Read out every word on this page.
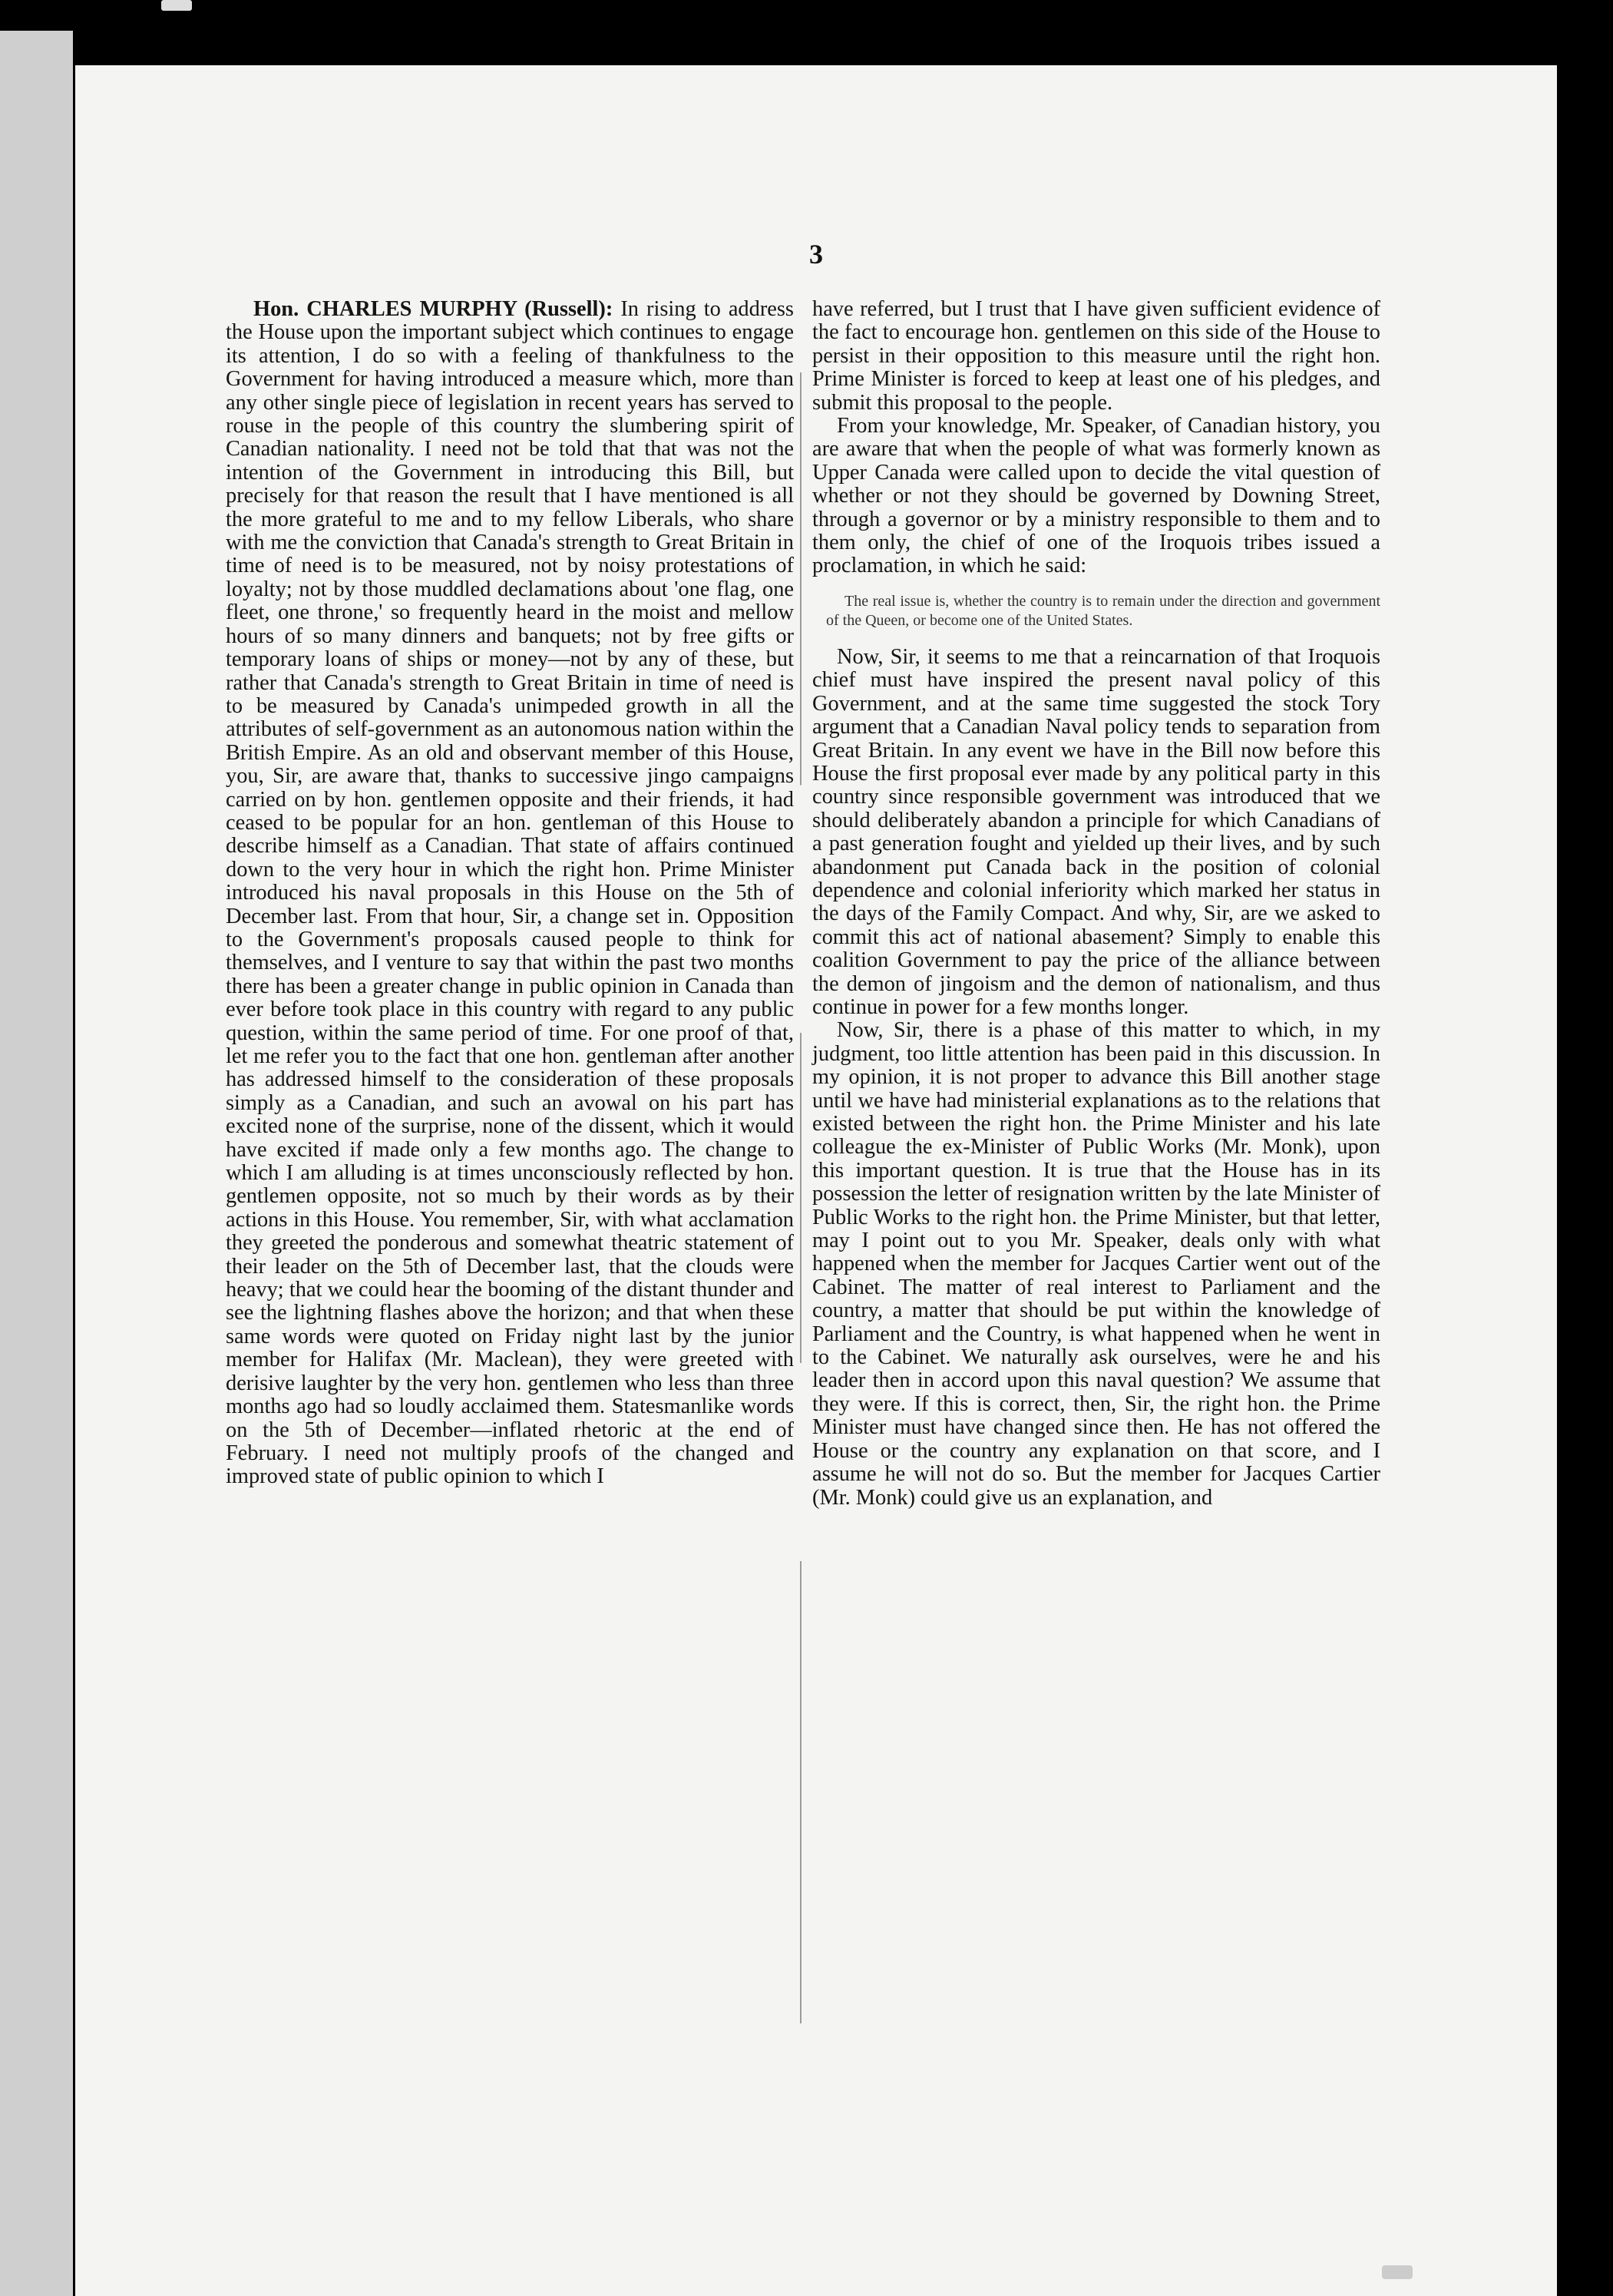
3

Hon. CHARLES MURPHY (Russell): In rising to address the House upon the important subject which continues to engage its attention, I do so with a feeling of thankfulness to the Government for having introduced a measure which, more than any other single piece of legislation in recent years has served to rouse in the people of this country the slumbering spirit of Canadian nationality. I need not be told that that was not the intention of the Government in introducing this Bill, but precisely for that reason the result that I have mentioned is all the more grateful to me and to my fellow Liberals, who share with me the conviction that Canada's strength to Great Britain in time of need is to be measured, not by noisy protestations of loyalty; not by those muddled declamations about 'one flag, one fleet, one throne,' so frequently heard in the moist and mellow hours of so many dinners and banquets; not by free gifts or temporary loans of ships or money—not by any of these, but rather that Canada's strength to Great Britain in time of need is to be measured by Canada's unimpeded growth in all the attributes of self-government as an autonomous nation within the British Empire. As an old and observant member of this House, you, Sir, are aware that, thanks to successive jingo campaigns carried on by hon. gentlemen opposite and their friends, it had ceased to be popular for an hon. gentleman of this House to describe himself as a Canadian. That state of affairs continued down to the very hour in which the right hon. Prime Minister introduced his naval proposals in this House on the 5th of December last. From that hour, Sir, a change set in. Opposition to the Government's proposals caused people to think for themselves, and I venture to say that within the past two months there has been a greater change in public opinion in Canada than ever before took place in this country with regard to any public question, within the same period of time. For one proof of that, let me refer you to the fact that one hon. gentleman after another has addressed himself to the consideration of these proposals simply as a Canadian, and such an avowal on his part has excited none of the surprise, none of the dissent, which it would have excited if made only a few months ago. The change to which I am alluding is at times unconsciously reflected by hon. gentlemen opposite, not so much by their words as by their actions in this House. You remember, Sir, with what acclamation they greeted the ponderous and somewhat theatric statement of their leader on the 5th of December last, that the clouds were heavy; that we could hear the booming of the distant thunder and see the lightning flashes above the horizon; and that when these same words were quoted on Friday night last by the junior member for Halifax (Mr. Maclean), they were greeted with derisive laughter by the very hon. gentlemen who less than three months ago had so loudly acclaimed them. Statesmanlike words on the 5th of December—inflated rhetoric at the end of February. I need not multiply proofs of the changed and improved state of public opinion to which I

have referred, but I trust that I have given sufficient evidence of the fact to encourage hon. gentlemen on this side of the House to persist in their opposition to this measure until the right hon. Prime Minister is forced to keep at least one of his pledges, and submit this proposal to the people.

From your knowledge, Mr. Speaker, of Canadian history, you are aware that when the people of what was formerly known as Upper Canada were called upon to decide the vital question of whether or not they should be governed by Downing Street, through a governor or by a ministry responsible to them and to them only, the chief of one of the Iroquois tribes issued a proclamation, in which he said:

The real issue is, whether the country is to remain under the direction and government of the Queen, or become one of the United States.

Now, Sir, it seems to me that a reincarnation of that Iroquois chief must have inspired the present naval policy of this Government, and at the same time suggested the stock Tory argument that a Canadian Naval policy tends to separation from Great Britain. In any event we have in the Bill now before this House the first proposal ever made by any political party in this country since responsible government was introduced that we should deliberately abandon a principle for which Canadians of a past generation fought and yielded up their lives, and by such abandonment put Canada back in the position of colonial dependence and colonial inferiority which marked her status in the days of the Family Compact. And why, Sir, are we asked to commit this act of national abasement? Simply to enable this coalition Government to pay the price of the alliance between the demon of jingoism and the demon of nationalism, and thus continue in power for a few months longer.

Now, Sir, there is a phase of this matter to which, in my judgment, too little attention has been paid in this discussion. In my opinion, it is not proper to advance this Bill another stage until we have had ministerial explanations as to the relations that existed between the right hon. the Prime Minister and his late colleague the ex-Minister of Public Works (Mr. Monk), upon this important question. It is true that the House has in its possession the letter of resignation written by the late Minister of Public Works to the right hon. the Prime Minister, but that letter, may I point out to you Mr. Speaker, deals only with what happened when the member for Jacques Cartier went out of the Cabinet. The matter of real interest to Parliament and the country, a matter that should be put within the knowledge of Parliament and the Country, is what happened when he went in to the Cabinet. We naturally ask ourselves, were he and his leader then in accord upon this naval question? We assume that they were. If this is correct, then, Sir, the right hon. the Prime Minister must have changed since then. He has not offered the House or the country any explanation on that score, and I assume he will not do so. But the member for Jacques Cartier (Mr. Monk) could give us an explanation, and
